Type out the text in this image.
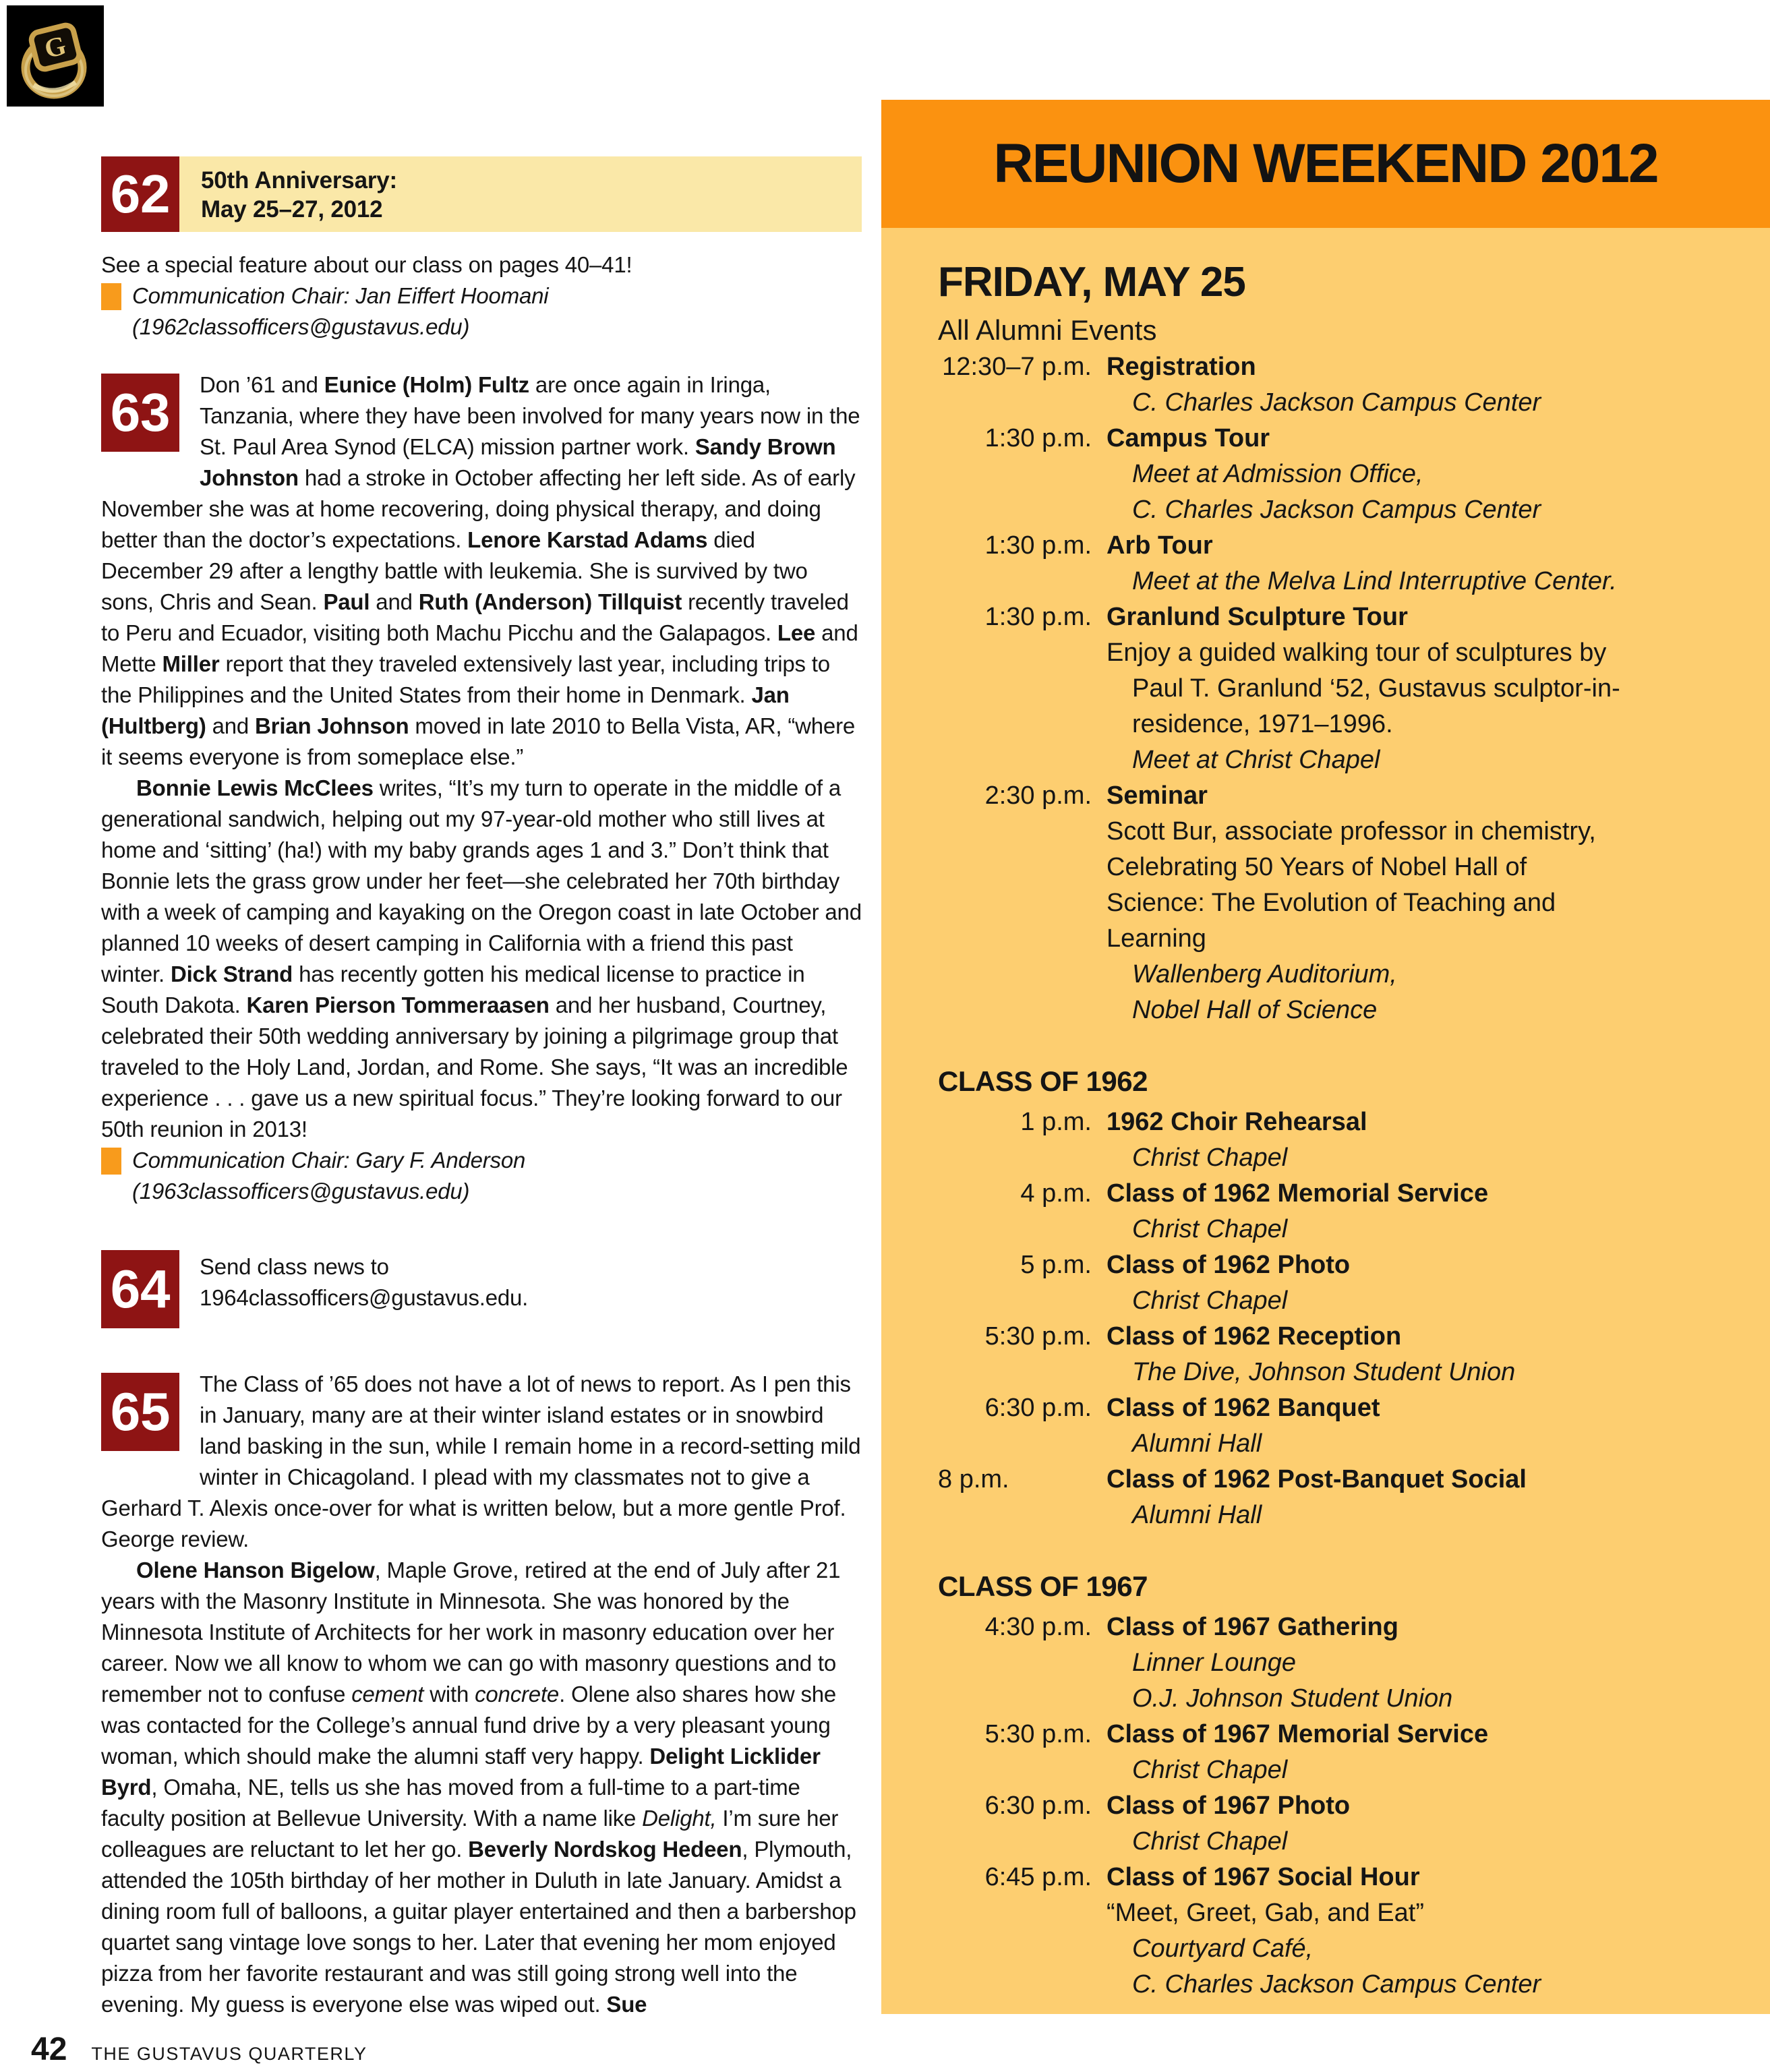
G
62	50th Anniversary:
May 25–27, 2012

See a special feature about our class on pages 40–41!

Communication Chair: Jan Eiffert Hoomani
(1962classofficers@gustavus.edu)
63	Don ’61 and Eunice (Holm) Fultz are once again in Iringa, Tanzania, where they have been involved for many years now in the St. Paul Area Synod (ELCA) mission partner work. Sandy Brown Johnston had a stroke in October affecting her left side. As of early November she was at home recovering, doing physical therapy, and doing better than the doctor’s expectations. Lenore Karstad Adams died December 29 after a lengthy battle with leukemia. She is survived by two sons, Chris and Sean. Paul and Ruth (Anderson) Tillquist recently traveled to Peru and Ecuador, visiting both Machu Picchu and the Galapagos. Lee and Mette Miller report that they traveled extensively last year, including trips to the Philippines and the United States from their home in Denmark. Jan (Hultberg) and Brian Johnson moved in late 2010 to Bella Vista, AR, “where it seems everyone is from someplace else.”

Bonnie Lewis McClees writes, “It’s my turn to operate in the middle of a generational sandwich, helping out my 97-year-old mother who still lives at home and ‘sitting’ (ha!) with my baby grands ages 1 and 3.” Don’t think that Bonnie lets the grass grow under her feet—she celebrated her 70th birthday with a week of camping and kayaking on the Oregon coast in late October and planned 10 weeks of desert camping in California with a friend this past winter. Dick Strand has recently gotten his medical license to practice in South Dakota. Karen Pierson Tommeraasen and her husband, Courtney, celebrated their 50th wedding anniversary by joining a pilgrimage group that traveled to the Holy Land, Jordan, and Rome. She says, “It was an incredible experience . . . gave us a new spiritual focus.” They’re looking forward to our 50th reunion in 2013!

Communication Chair: Gary F. Anderson
(1963classofficers@gustavus.edu)
64	Send class news to

1964classofficers@gustavus.edu.

65	The Class of ’65 does not have a lot of news to report. As I pen this in January, many are at their winter island estates or in snowbird land basking in the sun, while I remain home in a record-setting mild winter in Chicagoland. I plead with my classmates not to give a Gerhard T. Alexis once-over for what is written below, but a more gentle Prof. George review.

Olene Hanson Bigelow, Maple Grove, retired at the end of July after 21 years with the Masonry Institute in Minnesota. She was honored by the Minnesota Institute of Architects for her work in masonry education over her career. Now we all know to whom we can go with masonry questions and to remember not to confuse cement with concrete. Olene also shares how she was contacted for the College’s annual fund drive by a very pleasant young woman, which should make the alumni staff very happy. Delight Licklider Byrd, Omaha, NE, tells us she has moved from a full-time to a part-time faculty position at Bellevue University. With a name like Delight, I’m sure her colleagues are reluctant to let her go. Beverly Nordskog Hedeen, Plymouth, attended the 105th birthday of her mother in Duluth in late January. Amidst a dining room full of balloons, a guitar player entertained and then a barbershop quartet sang vintage love songs to her. Later that evening her mom enjoyed pizza from her favorite restaurant and was still going strong well into the evening. My guess is everyone else was wiped out. Sue

REUNION WEEKEND 2012
FRIDAY, MAY 25
All Alumni Events
12:30–7 p.m. Registration
C. Charles Jackson Campus Center
1:30 p.m. Campus Tour
Meet at Admission Office,
C. Charles Jackson Campus Center
1:30 p.m. Arb Tour
Meet at the Melva Lind Interruptive Center.
1:30 p.m. Granlund Sculpture Tour
Enjoy a guided walking tour of sculptures by
Paul T. Granlund ‘52, Gustavus sculptor-in-
residence, 1971–1996.
Meet at Christ Chapel
2:30 p.m. Seminar
Scott Bur, associate professor in chemistry,
Celebrating 50 Years of Nobel Hall of
Science: The Evolution of Teaching and
Learning
Wallenberg Auditorium,
Nobel Hall of Science
CLASS OF 1962
1 p.m. 1962 Choir Rehearsal
Christ Chapel
4 p.m. Class of 1962 Memorial Service
Christ Chapel
5 p.m. Class of 1962 Photo
Christ Chapel
5:30 p.m. Class of 1962 Reception
The Dive, Johnson Student Union
6:30 p.m. Class of 1962 Banquet
Alumni Hall
8 p.m.	Class of 1962 Post-Banquet Social
Alumni Hall
CLASS OF 1967
4:30 p.m. Class of 1967 Gathering
Linner Lounge
O.J. Johnson Student Union
5:30 p.m. Class of 1967 Memorial Service
Christ Chapel
6:30 p.m. Class of 1967 Photo
Christ Chapel
6:45 p.m. Class of 1967 Social Hour
“Meet, Greet, Gab, and Eat”
Courtyard Café,
C. Charles Jackson Campus Center
42 THE GUSTAVUS QUARTERLY
